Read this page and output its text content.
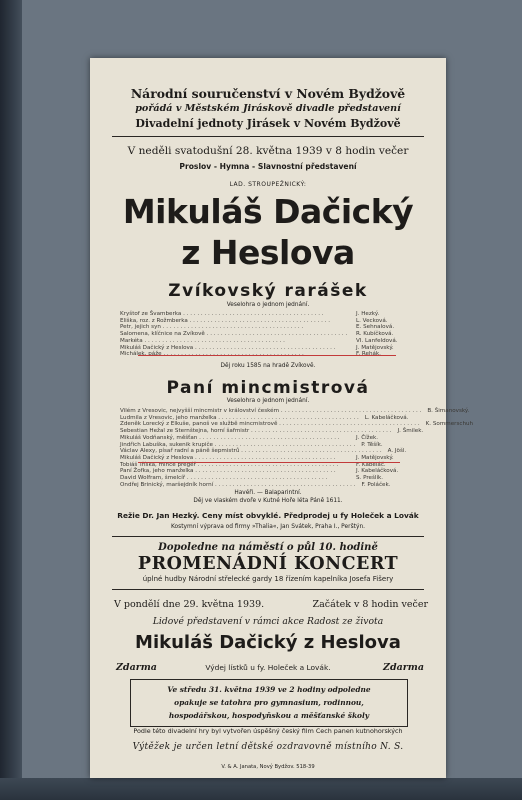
Národní souručenství v Novém Bydžově
pořádá v Městském Jiráskově divadle představení
Divadelní jednoty Jirásek v Novém Bydžově
V neděli svatodušní 28. května 1939 v 8 hodin večer
Proslov - Hymna - Slavnostní představení
LAD. STROUPEŽNICKÝ:
Mikuláš Dačický
z Heslova
Zvíkovský rarášek
Veselohra o jednom jednání.
Kryštof ze Švamberka . . . . . . . . . . . . . . . . . . . . . . . . . . . . . . . . . . . . . . . .	J. Hezký.
Eliška, roz. z Rožmberka . . . . . . . . . . . . . . . . . . . . . . . . . . . . . . . . . . . . . . . .	L. Vecková.
Petr, jejich syn . . . . . . . . . . . . . . . . . . . . . . . . . . . . . . . . . . . . . . . .	E. Sehnalová.
Salomena, klíčnice na Zvíkově . . . . . . . . . . . . . . . . . . . . . . . . . . . . . . . . . . . . . . . .	R. Kubíčková.
Markéta . . . . . . . . . . . . . . . . . . . . . . . . . . . . . . . . . . . . . . . .	VI. Lanfeldová.
Mikuláš Dačický z Heslova . . . . . . . . . . . . . . . . . . . . . . . . . . . . . . . . . . . . . . . .	J. Matějovský.
Michálek, páže . . . . . . . . . . . . . . . . . . . . . . . . . . . . . . . . . . . . . . . .	F. Rehák.
Děj roku 1585 na hradě Zvíkově.
Paní mincmistrová
Veselohra o jednom jednání.
Vilém z Vresovic, nejvyšší mincmistr v království českém . . . . . . . . . . . . . . . . . . . . . . . . . . . . . . . . . . . . . . . .	B. Šimanovský.
Ludmila z Vresovic, jeho manželka . . . . . . . . . . . . . . . . . . . . . . . . . . . . . . . . . . . . . . . .	L. Kabeláčková.
Zdeněk Lorecký z Elkuše, panoš ve službě mincmistrově . . . . . . . . . . . . . . . . . . . . . . . . . . . . . . . . . . . . . . . .	K. Sommerschuh
Sebestian Hežal ze Sternštejna, horní šafmistr . . . . . . . . . . . . . . . . . . . . . . . . . . . . . . . . . . . . . . . .	J. Šmilek.
Mikuláš Vodňanský, měšťan . . . . . . . . . . . . . . . . . . . . . . . . . . . . . . . . . . . . . . . .	J. Čížek.
Jindřich Labuška, sukenik krupiče . . . . . . . . . . . . . . . . . . . . . . . . . . . . . . . . . . . . . . . .	P. Těšík.
Václav Alexy, písař radní a páně šepmistrů . . . . . . . . . . . . . . . . . . . . . . . . . . . . . . . . . . . . . . . .	A. Jöšl.
Mikuláš Dačický z Heslova . . . . . . . . . . . . . . . . . . . . . . . . . . . . . . . . . . . . . . . .	J. Matějovský.
Tobiáš Tříska, mince pregéř . . . . . . . . . . . . . . . . . . . . . . . . . . . . . . . . . . . . . . . .	F. Kabeláč.
Paní Žofka, jeho manželka . . . . . . . . . . . . . . . . . . . . . . . . . . . . . . . . . . . . . . . .	J. Kabeláčková.
David Wolfram, šmelcíř . . . . . . . . . . . . . . . . . . . . . . . . . . . . . . . . . . . . . . . .	S. Prešlík.
Ondřej Brinický, maršejdník horní . . . . . . . . . . . . . . . . . . . . . . . . . . . . . . . . . . . . . . . .	F. Poláček.
Havéři. — Balaparintní.
Děj ve vlaském dvoře v Kutné Hoře léta Páně 1611.
Režie Dr. Jan Hezký. Ceny míst obvyklé. Předprodej u fy Holeček a Lovák
Kostymní výprava od firmy »Thalia«, Jan Svátek, Praha I., Perštýn.
Dopoledne na náměstí o půl 10. hodině
PROMENÁDNÍ KONCERT
úplné hudby Národní střelecké gardy 18 řízením kapelníka Josefa Fišery
V pondělí dne 29. května 1939.	Začátek v 8 hodin večer
Lidové představení v rámci akce Radost ze života
Mikuláš Dačický z Heslova
Zdarma	Výdej lístků u fy. Holeček a Lovák.	Zdarma
Ve středu 31. května 1939 ve 2 hodiny odpoledne
opakuje se tatohra pro gymnasium, rodinnou,
hospodářskou, hospodyňskou a měšťanské školy
Podle této divadelní hry byl vytvořen úspěšný český film Cech panen kutnohorských
Výtěžek je určen letní dětské ozdravovně místního N. S.
V. & A. Janata, Nový Bydžov. 518-39
